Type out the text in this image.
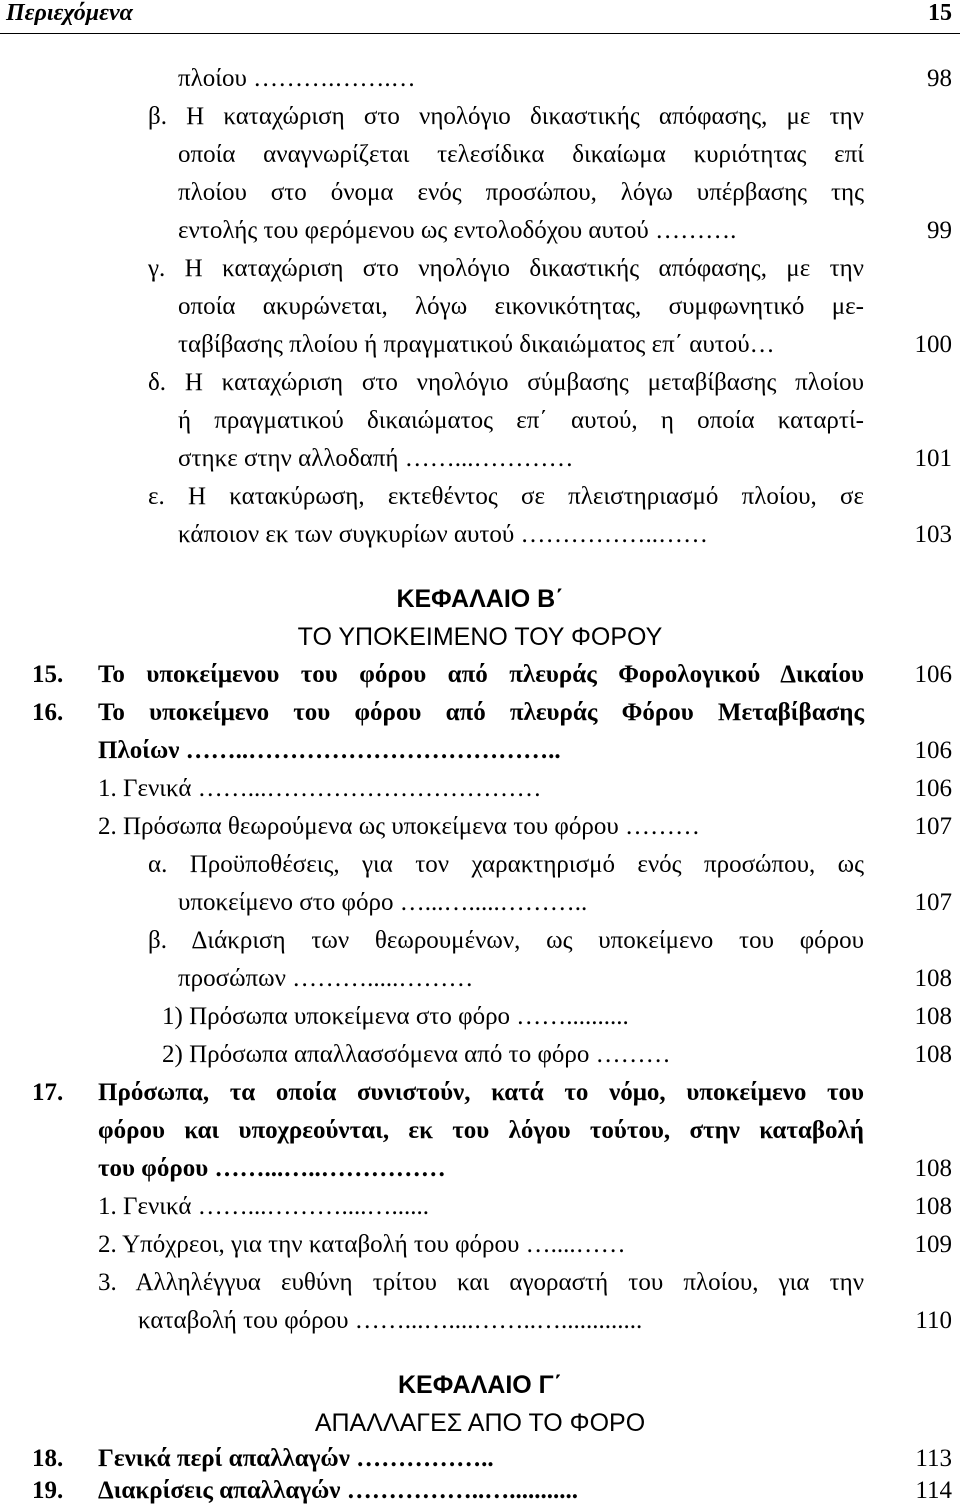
Περιεχόμενα	15
πλοίου ……….…….…	98
β. Η καταχώριση στο νηολόγιο δικαστικής απόφασης, με την
οποία αναγνωρίζεται τελεσίδικα δικαίωμα κυριότητας επί
πλοίου στο όνομα ενός προσώπου, λόγω υπέρβασης της
εντολής του φερόμενου ως εντολοδόχου αυτού ……….	99
γ. Η καταχώριση στο νηολόγιο δικαστικής απόφασης, με την
οποία ακυρώνεται, λόγω εικονικότητας, συμφωνητικό με-
ταβίβασης πλοίου ή πραγματικού δικαιώματος επ΄ αυτού…	100
δ. Η καταχώριση στο νηολόγιο σύμβασης μεταβίβασης πλοίου
ή πραγματικού δικαιώματος επ΄ αυτού, η οποία καταρτί-
στηκε στην αλλοδαπή ……...…………	101
ε. Η κατακύρωση, εκτεθέντος σε πλειστηριασμό πλοίου, σε
κάποιον εκ των συγκυρίων αυτού ……………..……	103
ΚΕΦΑΛΑΙΟ Β΄
ΤΟ ΥΠΟΚΕΙΜΕΝΟ ΤΟΥ ΦΟΡΟΥ
15. Το υποκείμενου του φόρου από πλευράς Φορολογικού Δικαίου 106
16. Το υποκείμενο του φόρου από πλευράς Φόρου Μεταβίβασης
Πλοίων ……..………………………………..	106
1. Γενικά ……...……………………………	106
2. Πρόσωπα θεωρούμενα ως υποκείμενα του φόρου ………	107
α. Προϋποθέσεις, για τον χαρακτηρισμό ενός προσώπου, ως
υποκείμενο στο φόρο …...….....………..	107
β. Διάκριση των θεωρουμένων, ως υποκείμενο του φόρου
προσώπων ……….....………	108
1) Πρόσωπα υποκείμενα στο φόρο ……..........	108
2) Πρόσωπα απαλλασσόμενα από το φόρο ………	108
17. Πρόσωπα, τα οποία συνιστούν, κατά το νόμο, υποκείμενο του
φόρου και υποχρεούνται, εκ του λόγου τούτου, στην καταβολή
του φόρου ……...…..……………	108
1. Γενικά ……...………....…......	108
2. Υπόχρεοι, για την καταβολή του φόρου …....……	109
3. Αλληλέγγυα ευθύνη τρίτου και αγοραστή του πλοίου, για την
καταβολή του φόρου ……...…....……..….............	110
ΚΕΦΑΛΑΙΟ Γ΄
ΑΠΑΛΛΑΓΕΣ ΑΠΟ ΤΟ ΦΟΡΟ
18. Γενικά περί απαλλαγών ……………..	113
19. Διακρίσεις απαλλαγών ……………..…...........	114
